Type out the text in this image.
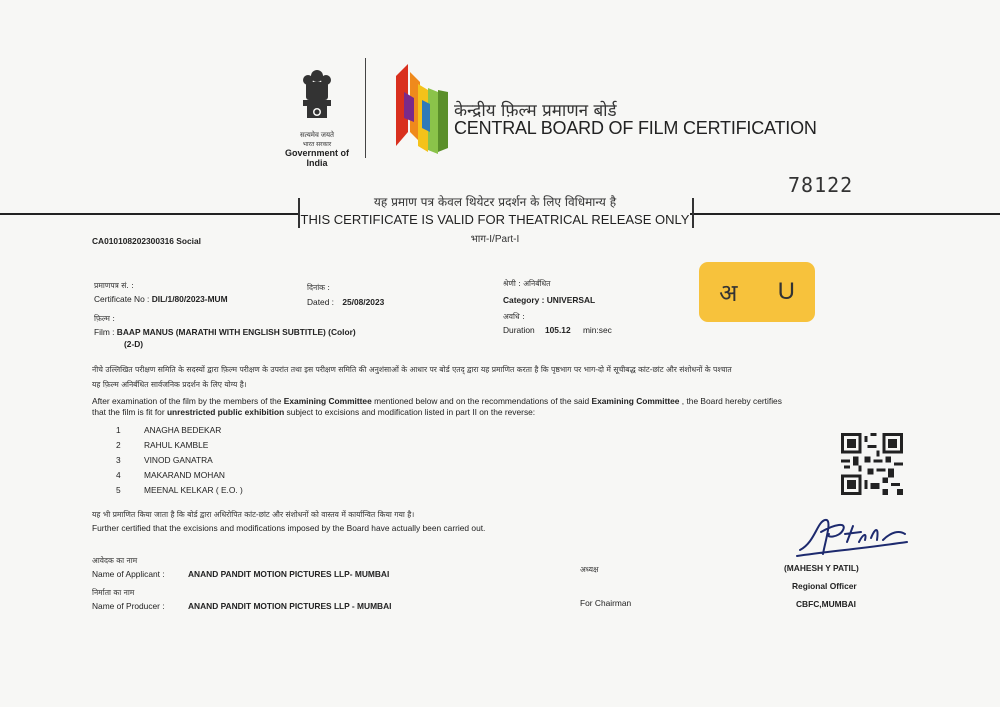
सत्यमेव जयते
भारत सरकार
Government of India
केन्द्रीय फ़िल्म प्रमाणन बोर्ड
CENTRAL BOARD OF FILM CERTIFICATION
78122
यह प्रमाण पत्र केवल थियेटर प्रदर्शन के लिए विधिमान्य है
THIS CERTIFICATE IS VALID FOR THEATRICAL RELEASE ONLY
भाग-I/Part-I
CA010108202300316 Social
प्रमाणपत्र सं. :
Certificate No : DIL/1/80/2023-MUM
दिनांक :
Dated : 25/08/2023
श्रेणी : अनिर्बंधित
Category : UNIVERSAL	अ U
फ़िल्म :
Film : BAAP MANUS (MARATHI WITH ENGLISH SUBTITLE) (Color)
(2-D)
अवधि :
Duration 105.12 min:sec
नीचे उल्लिखित परीक्षण समिति के सदस्यों द्वारा फ़िल्म परीक्षण के उपरांत तथा इस परीक्षण समिति की अनुशंसाओं के आधार पर बोर्ड एतद् द्वारा यह प्रमाणित करता है कि पृष्ठभाग पर भाग-दो में सूचीबद्ध कांट-छांट और संशोधनों के पश्चात
यह फ़िल्म अनिर्बंधित सार्वजनिक प्रदर्शन के लिए योग्य है।
After examination of the film by the members of the Examining Committee mentioned below and on the recommendations of the said Examining Committee , the Board hereby certifies
that the film is fit for unrestricted public exhibition subject to excisions and modification listed in part II on the reverse:
1	ANAGHA BEDEKAR
2	RAHUL KAMBLE
3	VINOD GANATRA
4	MAKARAND MOHAN
5	MEENAL KELKAR ( E.O. )
यह भी प्रमाणित किया जाता है कि बोर्ड द्वारा अधिरोपित कांट-छांट और संशोधनों को वास्तव में कार्यान्वित किया गया है।
Further certified that the excisions and modifications imposed by the Board have actually been carried out.
आवेदक का नाम
Name of Applicant :	ANAND PANDIT MOTION PICTURES LLP- MUMBAI
निर्माता का नाम
Name of Producer :	ANAND PANDIT MOTION PICTURES LLP - MUMBAI
अध्यक्ष
For Chairman
(MAHESH Y PATIL)
Regional Officer
CBFC,MUMBAI
